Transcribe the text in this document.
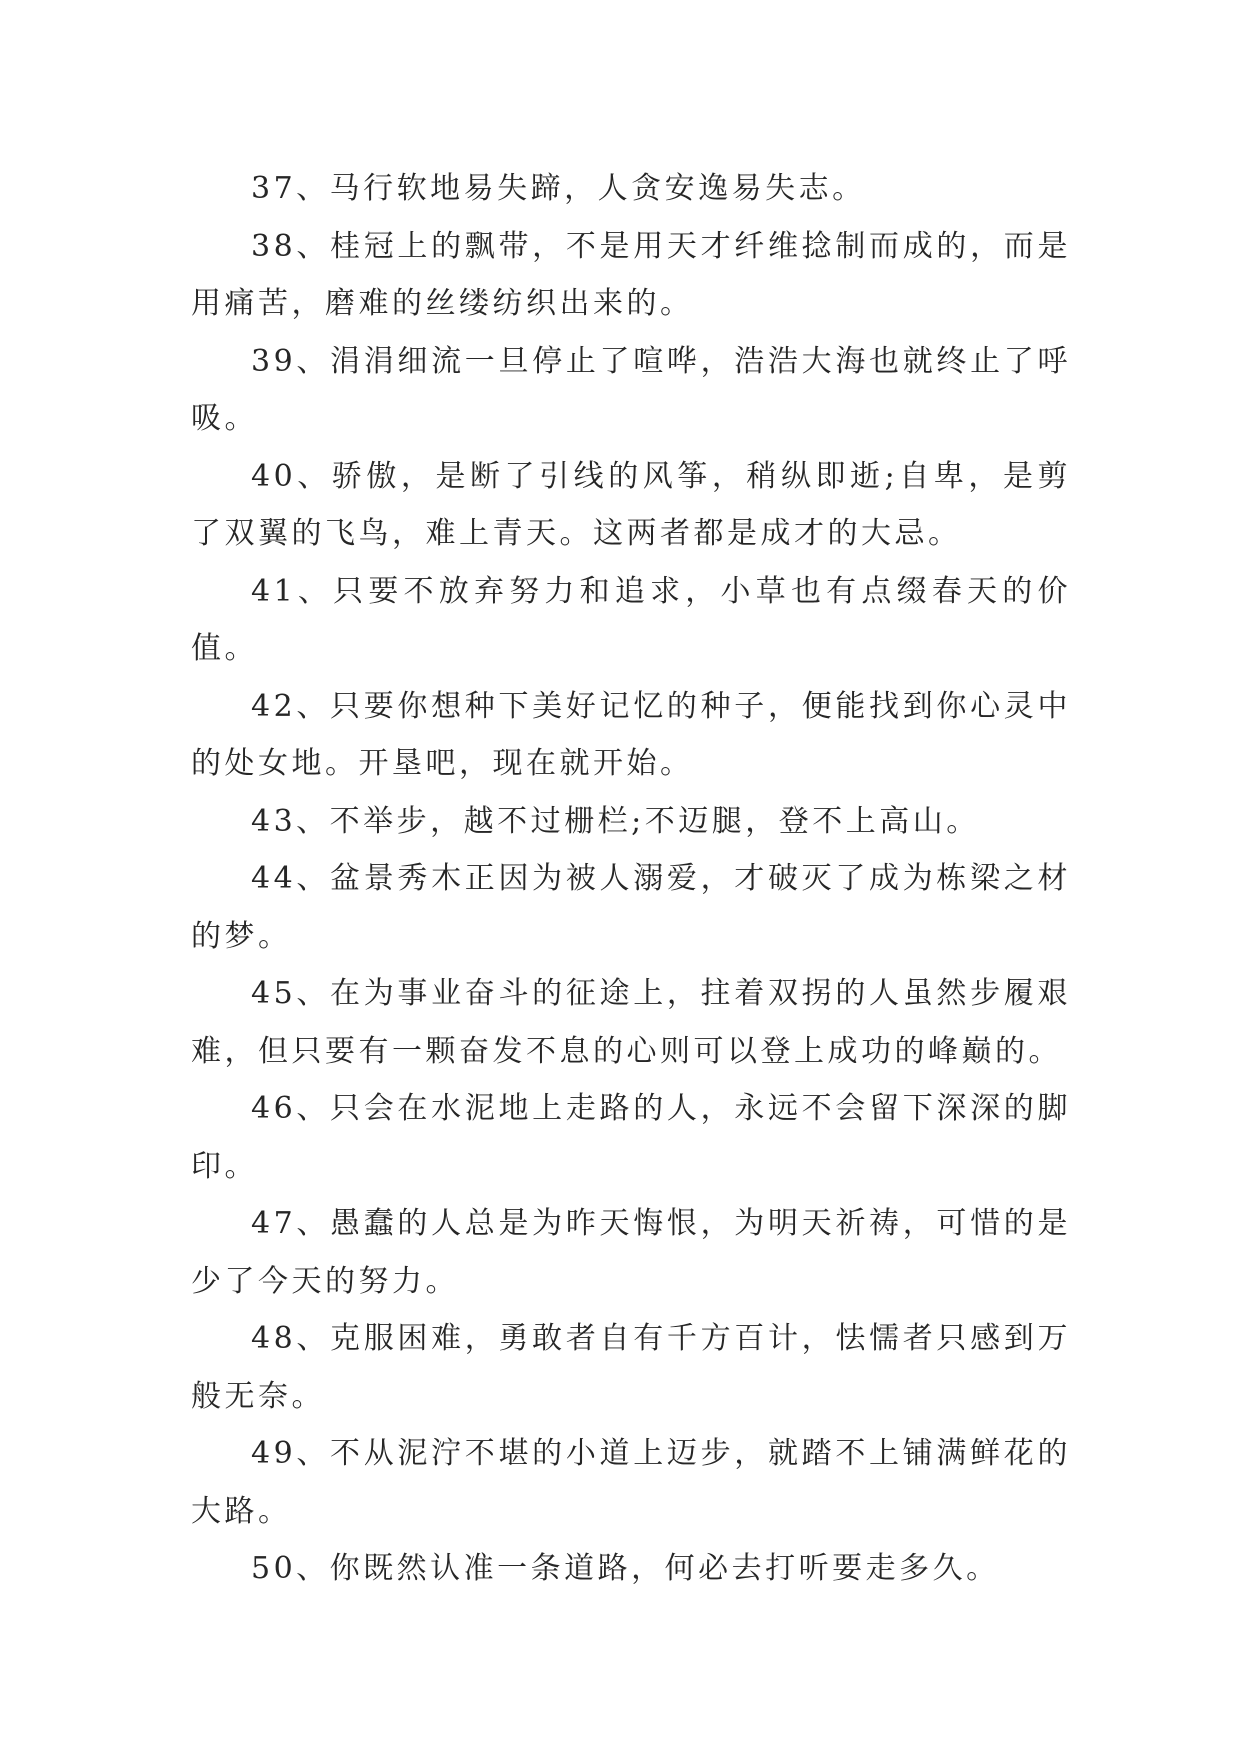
37、马行软地易失蹄，人贪安逸易失志。

38、桂冠上的飘带，不是用天才纤维捻制而成的，而是用痛苦，磨难的丝缕纺织出来的。

39、涓涓细流一旦停止了喧哗，浩浩大海也就终止了呼吸。

40、骄傲，是断了引线的风筝，稍纵即逝;自卑，是剪了双翼的飞鸟，难上青天。这两者都是成才的大忌。

41、只要不放弃努力和追求，小草也有点缀春天的价值。

42、只要你想种下美好记忆的种子，便能找到你心灵中的处女地。开垦吧，现在就开始。

43、不举步，越不过栅栏;不迈腿，登不上高山。

44、盆景秀木正因为被人溺爱，才破灭了成为栋梁之材的梦。

45、在为事业奋斗的征途上，拄着双拐的人虽然步履艰难，但只要有一颗奋发不息的心则可以登上成功的峰巅的。

46、只会在水泥地上走路的人，永远不会留下深深的脚印。

47、愚蠢的人总是为昨天悔恨，为明天祈祷，可惜的是少了今天的努力。

48、克服困难，勇敢者自有千方百计，怯懦者只感到万般无奈。

49、不从泥泞不堪的小道上迈步，就踏不上铺满鲜花的大路。

50、你既然认准一条道路，何必去打听要走多久。
